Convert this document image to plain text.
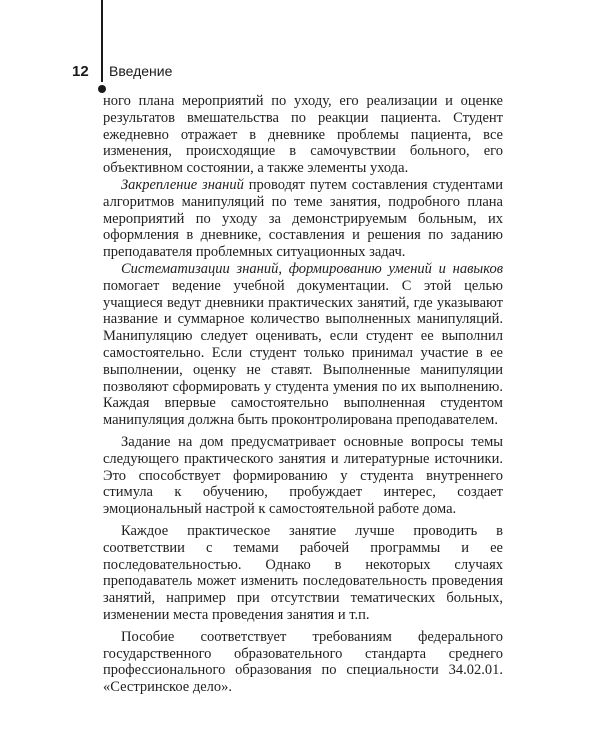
12	Введение

ного плана мероприятий по уходу, его реализации и оценке результатов вмешательства по реакции пациента. Студент ежедневно отражает в дневнике проблемы пациента, все изменения, происходящие в самочувствии больного, его объективном состоянии, а также элементы ухода.

Закрепление знаний проводят путем составления студентами алгоритмов манипуляций по теме занятия, подробного плана мероприятий по уходу за демонстрируемым больным, их оформления в дневнике, составления и решения по заданию преподавателя проблемных ситуационных задач.

Систематизации знаний, формированию умений и навыков помогает ведение учебной документации. С этой целью учащиеся ведут дневники практических занятий, где указывают название и суммарное количество выполненных манипуляций. Манипуляцию следует оценивать, если студент ее выполнил самостоятельно. Если студент только принимал участие в ее выполнении, оценку не ставят. Выполненные манипуляции позволяют сформировать у студента умения по их выполнению. Каждая впервые самостоятельно выполненная студентом манипуляция должна быть проконтролирована преподавателем.

Задание на дом предусматривает основные вопросы темы следующего практического занятия и литературные источники. Это способствует формированию у студента внутреннего стимула к обучению, пробуждает интерес, создает эмоциональный настрой к самостоятельной работе дома.

Каждое практическое занятие лучше проводить в соответствии с темами рабочей программы и ее последовательностью. Однако в некоторых случаях преподаватель может изменить последовательность проведения занятий, например при отсутствии тематических больных, изменении места проведения занятия и т.п.

Пособие соответствует требованиям федерального государственного образовательного стандарта среднего профессионального образования по специальности 34.02.01. «Сестринское дело».
